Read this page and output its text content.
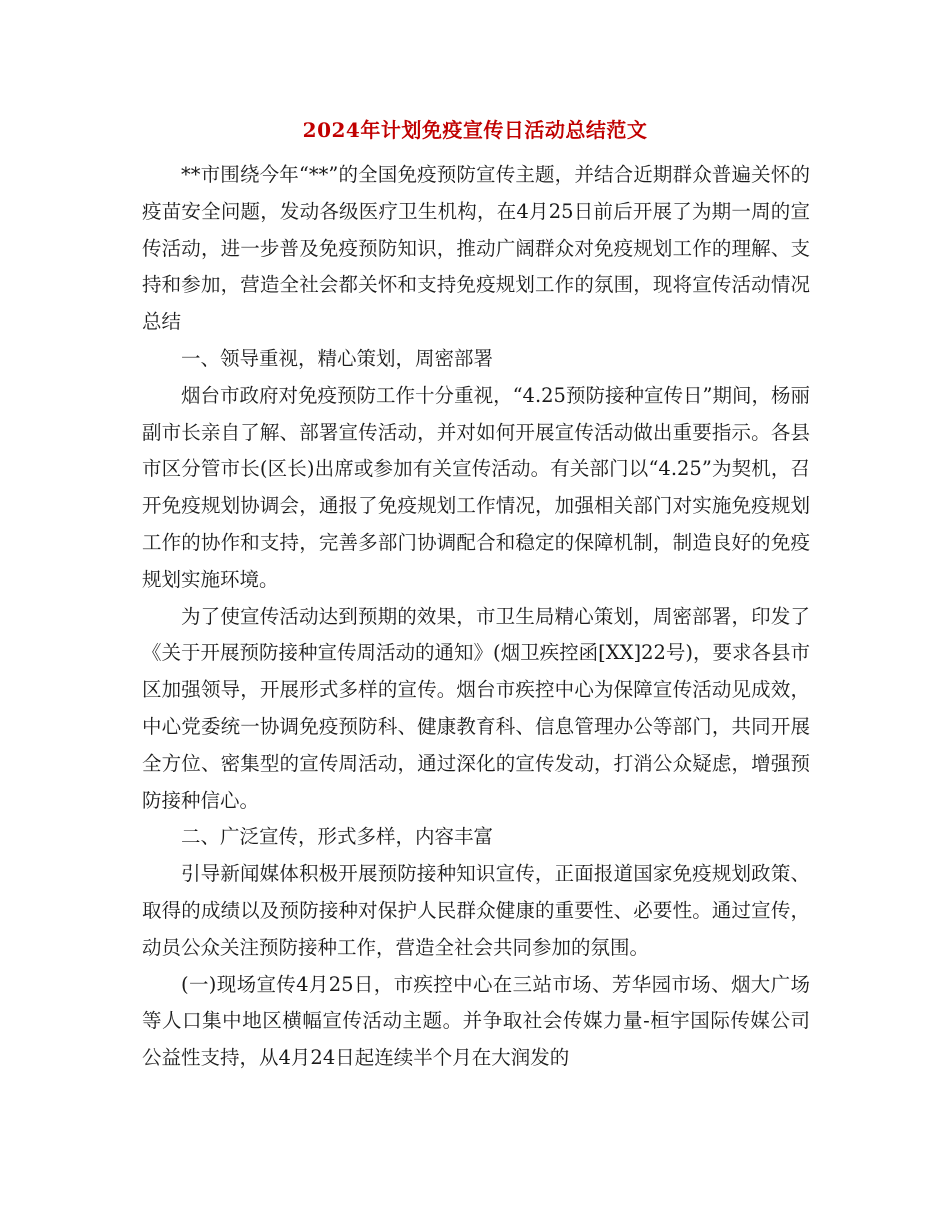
2024年计划免疫宣传日活动总结范文

**市围绕今年“**”的全国免疫预防宣传主题，并结合近期群众普遍关怀的疫苗安全问题，发动各级医疗卫生机构，在4月25日前后开展了为期一周的宣传活动，进一步普及免疫预防知识，推动广阔群众对免疫规划工作的理解、支持和参加，营造全社会都关怀和支持免疫规划工作的氛围，现将宣传活动情况总结

一、领导重视，精心策划，周密部署

烟台市政府对免疫预防工作十分重视，“4.25预防接种宣传日”期间，杨丽副市长亲自了解、部署宣传活动，并对如何开展宣传活动做出重要指示。各县市区分管市长(区长)出席或参加有关宣传活动。有关部门以“4.25”为契机，召开免疫规划协调会，通报了免疫规划工作情况，加强相关部门对实施免疫规划工作的协作和支持，完善多部门协调配合和稳定的保障机制，制造良好的免疫规划实施环境。

为了使宣传活动达到预期的效果，市卫生局精心策划，周密部署，印发了《关于开展预防接种宣传周活动的通知》(烟卫疾控函[XX]22号)，要求各县市区加强领导，开展形式多样的宣传。烟台市疾控中心为保障宣传活动见成效，中心党委统一协调免疫预防科、健康教育科、信息管理办公等部门，共同开展全方位、密集型的宣传周活动，通过深化的宣传发动，打消公众疑虑，增强预防接种信心。

二、广泛宣传，形式多样，内容丰富

引导新闻媒体积极开展预防接种知识宣传，正面报道国家免疫规划政策、取得的成绩以及预防接种对保护人民群众健康的重要性、必要性。通过宣传，动员公众关注预防接种工作，营造全社会共同参加的氛围。

(一)现场宣传4月25日，市疾控中心在三站市场、芳华园市场、烟大广场等人口集中地区横幅宣传活动主题。并争取社会传媒力量-桓宇国际传媒公司公益性支持，从4月24日起连续半个月在大润发的
